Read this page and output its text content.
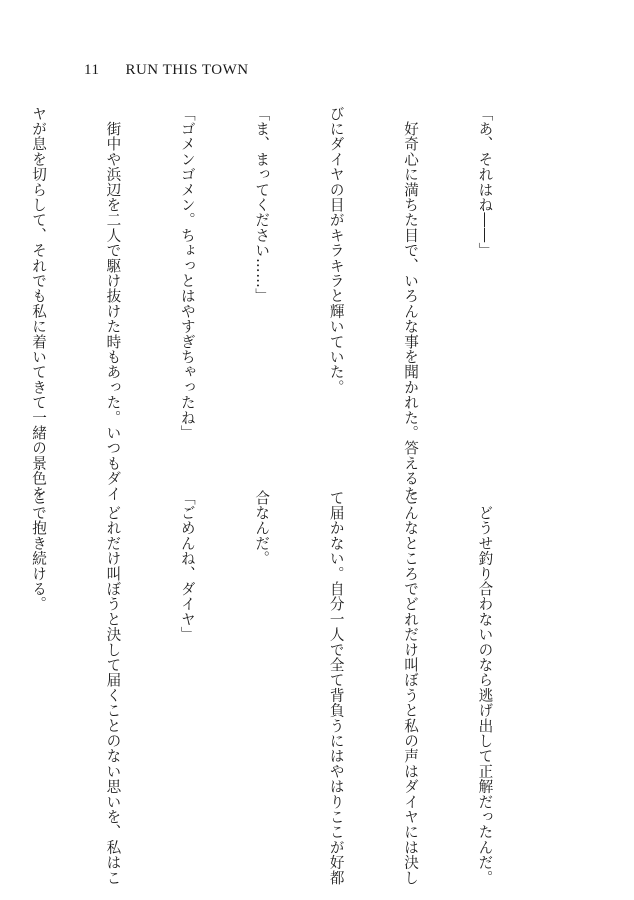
11 RUN THIS TOWN

「あ、それはね――」

　好奇心に満ちた目で、いろんな事を聞かれた。答えるた

びにダイヤの目がキラキラと輝いていた。

「ま、まってください……」

「ゴメンゴメン。ちょっとはやすぎちゃったね」

　街中や浜辺を二人で駆け抜けた時もあった。いつもダイ

ヤが息を切らして、それでも私に着いてきて一緒の景色を

　どうせ釣り合わないのなら逃げ出して正解だったんだ。

こんなところでどれだけ叫ぼうと私の声はダイヤには決し

て届かない。自分一人で全て背負うにはやはりここが好都

合なんだ。

「ごめんね、ダイヤ」

　どれだけ叫ぼうと決して届くことのない思いを、私はこ

こで抱き続ける。
